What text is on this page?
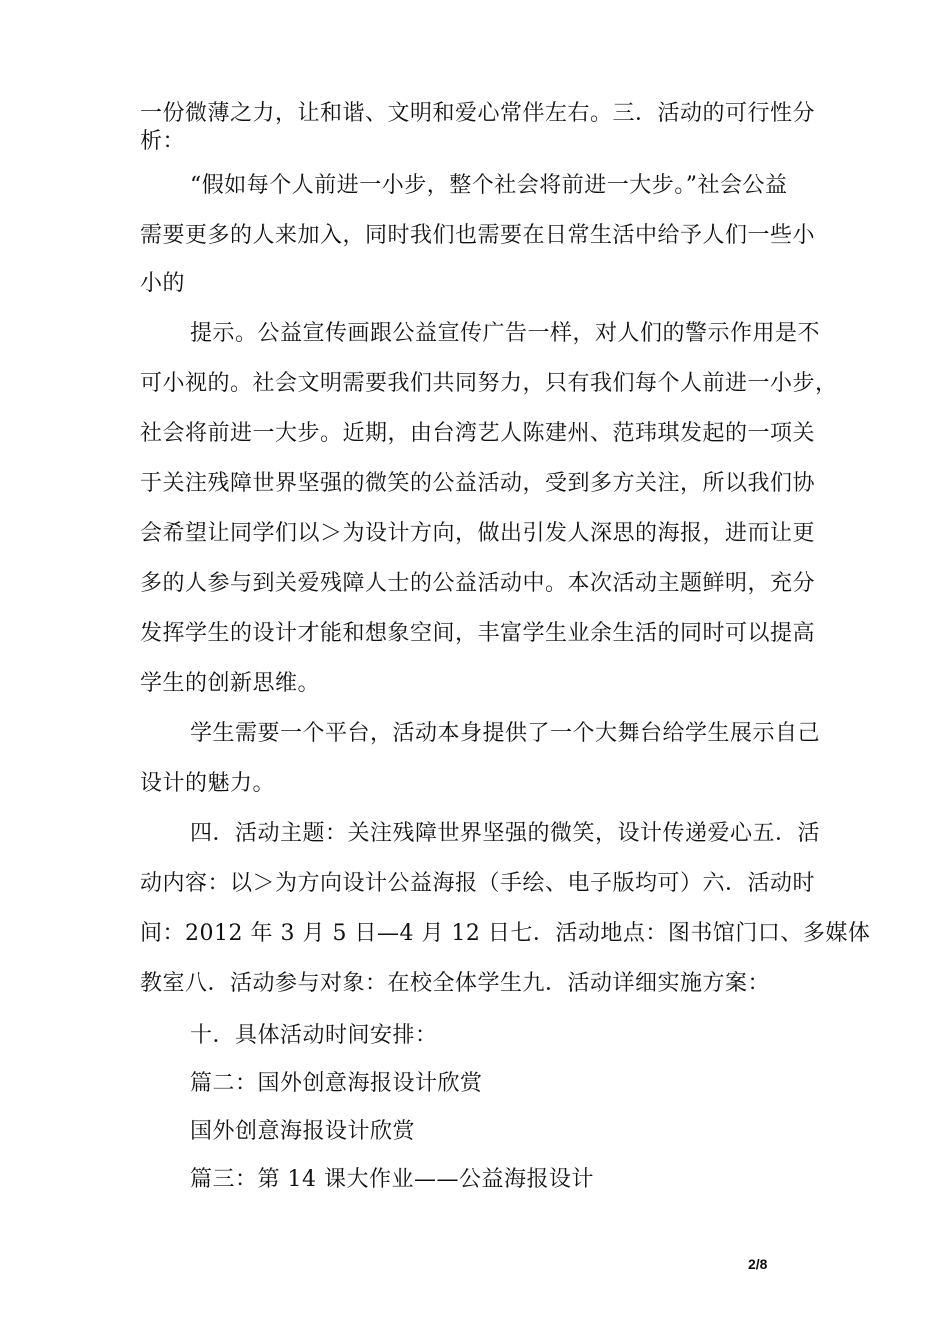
一份微薄之力，让和谐、文明和爱心常伴左右。三．活动的可行性分
析：
“假如每个人前进一小步，整个社会将前进一大步。”社会公益
需要更多的人来加入，同时我们也需要在日常生活中给予人们一些小
小的
提示。公益宣传画跟公益宣传广告一样，对人们的警示作用是不
可小视的。社会文明需要我们共同努力，只有我们每个人前进一小步，
社会将前进一大步。近期，由台湾艺人陈建州、范玮琪发起的一项关
于关注残障世界坚强的微笑的公益活动，受到多方关注，所以我们协
会希望让同学们以＞为设计方向，做出引发人深思的海报，进而让更
多的人参与到关爱残障人士的公益活动中。本次活动主题鲜明，充分
发挥学生的设计才能和想象空间，丰富学生业余生活的同时可以提高
学生的创新思维。
学生需要一个平台，活动本身提供了一个大舞台给学生展示自己
设计的魅力。
四．活动主题：关注残障世界坚强的微笑，设计传递爱心五．活
动内容：以＞为方向设计公益海报（手绘、电子版均可）六．活动时
间：2012 年 3 月 5 日—4 月 12 日七．活动地点：图书馆门口、多媒体
教室八．活动参与对象：在校全体学生九．活动详细实施方案：
十．具体活动时间安排：
篇二：国外创意海报设计欣赏
国外创意海报设计欣赏
篇三：第 14 课大作业——公益海报设计
2/8
